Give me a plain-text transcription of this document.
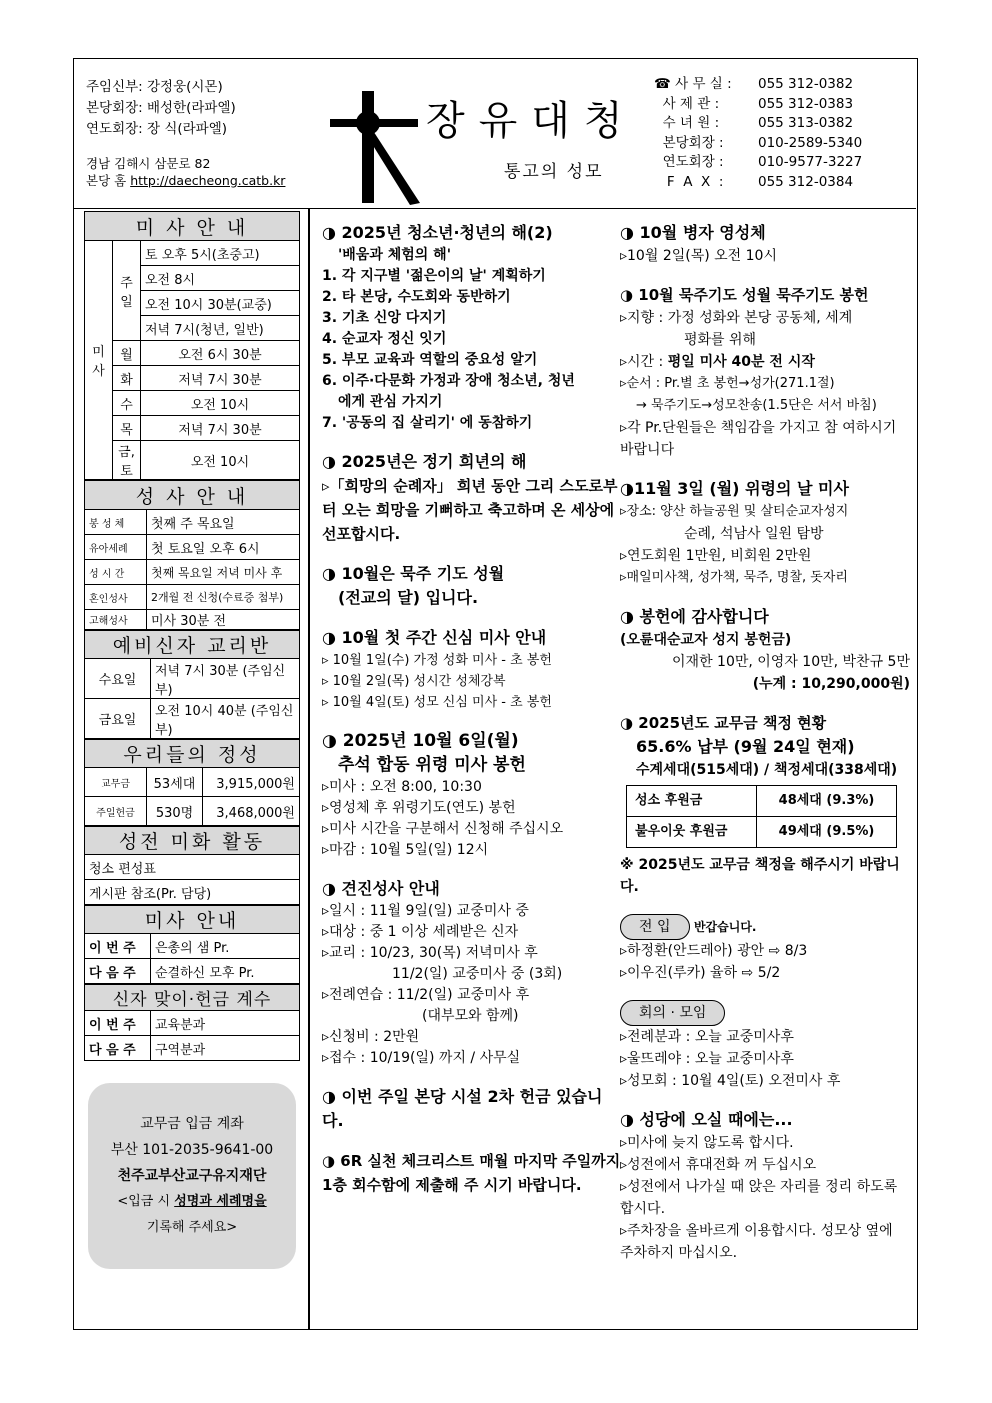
주임신부: 강정웅(시몬)
본당회장: 배성한(라파엘)
연도회장: 장 식(라파엘)
경남 김해시 삼문로 82
본당 홈 http://daecheong.catb.kr
장유대청
통고의 성모
☎ 사 무 실 :	055 312-0382
사 제 관 :	055 312-0383
수 녀 원 :	055 313-0382
본당회장 :	010-2589-5340
연도회장 :	010-9577-3227
F  A  X  :	055 312-0384
미 사 안 내		
미사	주일	토 오후 5시(초중고)
		오전 8시
		오전 10시 30분(교중)
		저녁 7시(청년, 일반)
	월	오전 6시 30분
	화	저녁 7시 30분
	수	오전 10시
	목	저녁 7시 30분
	금, 토	오전 10시
성 사 안 내	
봉 성 체	첫째 주 목요일
유아세례	첫 토요일 오후 6시
성 시 간	첫째 목요일 저녁 미사 후
혼인성사	2개월 전 신청(수료증 첨부)
고해성사	미사 30분 전
예비신자 교리반	
수요일	저녁 7시 30분 (주임신부)
금요일	오전 10시 40분 (주임신부)
우리들의 정성		
교무금	53세대	3,915,000원
주일헌금	530명	3,468,000원
성전 미화 활동
청소 편성표
게시판 참조(Pr. 담당)
미사 안내	
이 번 주	은총의 샘 Pr.
다 음 주	순결하신 모후 Pr.
신자 맞이·헌금 계수	
이 번 주	교육분과
다 음 주	구역분과
교무금 입금 계좌
부산 101-2035-9641-00
천주교부산교구유지재단
<입금 시 성명과 세례명을
기록해 주세요>
◑ 2025년 청소년·청년의 해(2)
'배움과 체험의 해'
1. 각 지구별 '젊은이의 날' 계획하기
2. 타 본당, 수도회와 동반하기
3. 기초 신앙 다지기
4. 순교자 정신 잇기
5. 부모 교육과 역할의 중요성 알기
6. 이주·다문화 가정과 장애 청소년, 청년
에게 관심 가지기
7. '공동의 집 살리기' 에 동참하기
◑ 2025년은 정기 희년의 해
▹「희망의 순례자」 희년 동안 그리 스도로부터 오는 희망을 기뻐하고 축고하며 온 세상에 선포합시다.
◑ 10월은 묵주 기도 성월
(전교의 달) 입니다.
◑ 10월 첫 주간 신심 미사 안내
▹ 10월 1일(수) 가정 성화 미사 - 초 봉헌
▹ 10월 2일(목) 성시간 성체강복
▹ 10월 4일(토) 성모 신심 미사 - 초 봉헌
◑ 2025년 10월 6일(월)
추석 합동 위령 미사 봉헌
▹미사 : 오전 8:00, 10:30
▹영성체 후 위령기도(연도) 봉헌
▹미사 시간을 구분해서 신청해 주십시오
▹마감 : 10월 5일(일) 12시
◑ 견진성사 안내
▹일시 : 11월 9일(일) 교중미사 중
▹대상 : 중 1 이상 세례받은 신자
▹교리 : 10/23, 30(목) 저녁미사 후
11/2(일) 교중미사 중 (3회)
▹전례연습 : 11/2(일) 교중미사 후
(대부모와 함께)
▹신청비 : 2만원
▹접수 : 10/19(일) 까지 / 사무실
◑ 이번 주일 본당 시설 2차 헌금 있습니다.
◑ 6R 실천 체크리스트 매월 마지막 주일까지 1층 회수함에 제출해 주 시기 바랍니다.
◑ 10월 병자 영성체
▹10월 2일(목) 오전 10시
◑ 10월 묵주기도 성월 묵주기도 봉헌
▹지향 : 가정 성화와 본당 공동체, 세계
평화를 위해
▹시간 : 평일 미사 40분 전 시작
▹순서 : Pr.별 초 봉헌→성가(271.1절)
→ 묵주기도→성모찬송(1.5단은 서서 바침)
▹각 Pr.단원들은 책임감을 가지고 참 여하시기 바랍니다
◑11월 3일 (월) 위령의 날 미사
▹장소: 양산 하늘공원 및 살티순교자성지
순례, 석남사 일원 탐방
▹연도회원 1만원, 비회원 2만원
▹매일미사책, 성가책, 묵주, 명찰, 돗자리
◑ 봉헌에 감사합니다
(오륜대순교자 성지 봉헌금)
이재한 10만, 이영자 10만, 박찬규 5만
(누계 : 10,290,000원)
◑ 2025년도 교무금 책정 현황
65.6% 납부 (9월 24일 현재)
수계세대(515세대) / 책정세대(338세대)
성소 후원금	48세대 (9.3%)
불우이웃 후원금	49세대 (9.5%)
※ 2025년도 교무금 책정을 해주시기 바랍니다.
전 입 반갑습니다.
▹하정환(안드레아) 광안 ⇨ 8/3
▹이우진(루카) 율하 ⇨ 5/2
회의 · 모임
▹전례분과 : 오늘 교중미사후
▹울뜨레야 : 오늘 교중미사후
▹성모회 : 10월 4일(토) 오전미사 후
◑ 성당에 오실 때에는...
▹미사에 늦지 않도록 합시다.
▹성전에서 휴대전화 꺼 두십시오
▹성전에서 나가실 때 앉은 자리를 정리 하도록 합시다.
▹주차장을 올바르게 이용합시다. 성모상 옆에 주차하지 마십시오.
